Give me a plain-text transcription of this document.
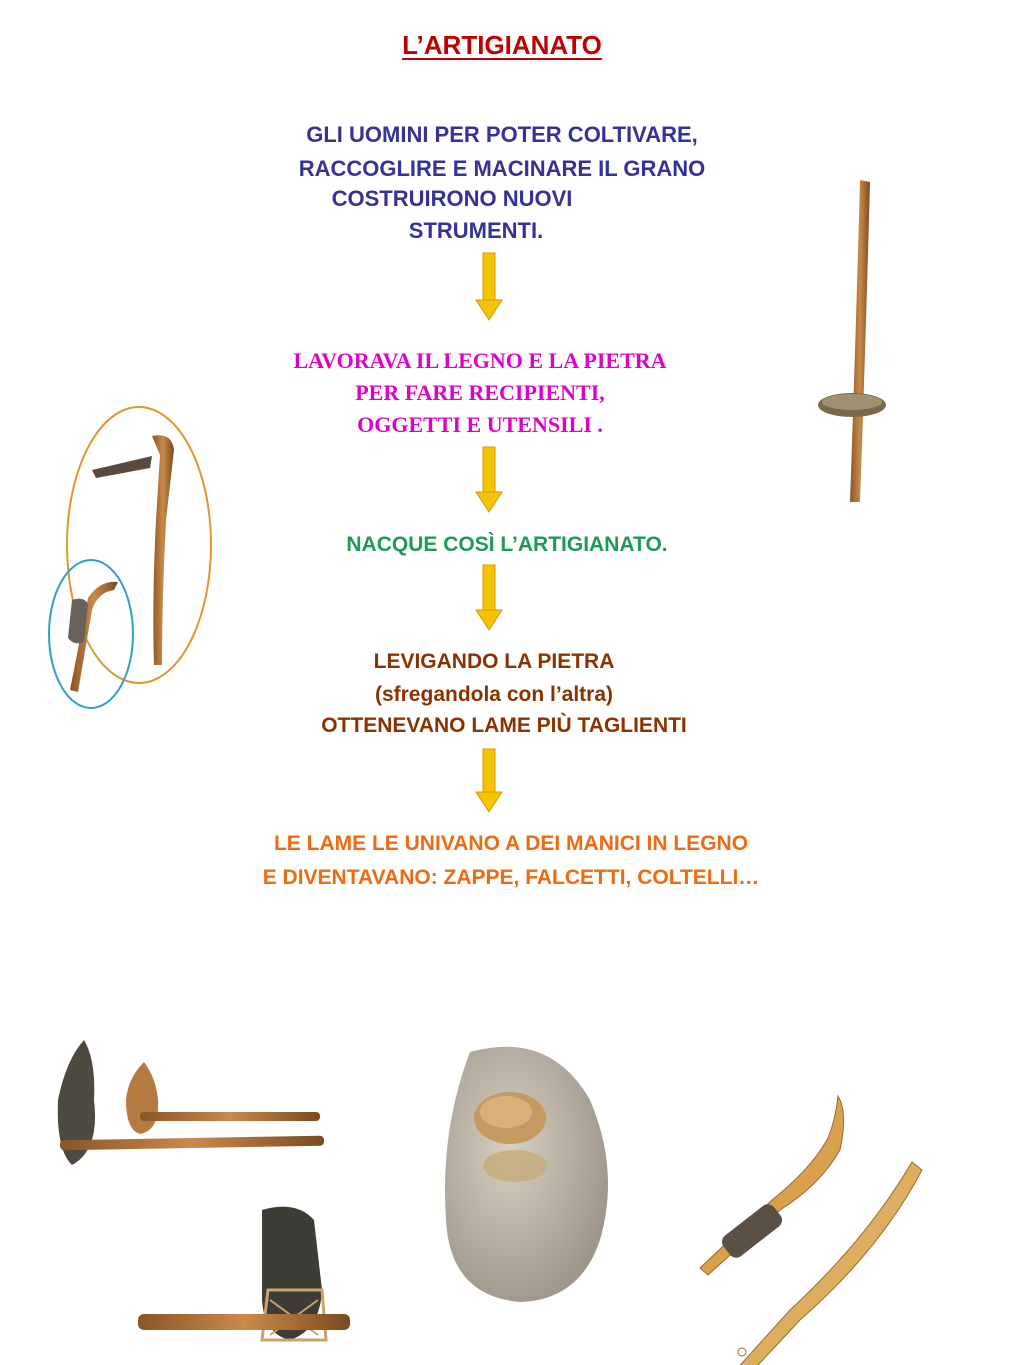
L’ARTIGIANATO
GLI UOMINI PER POTER COLTIVARE,
RACCOGLIRE E MACINARE IL GRANO
COSTRUIRONO NUOVI
STRUMENTI.
LAVORAVA IL LEGNO E LA PIETRA
PER FARE RECIPIENTI,
OGGETTI E UTENSILI .
NACQUE COSÌ L’ARTIGIANATO.
LEVIGANDO LA PIETRA
(sfregandola con l’altra)
OTTENEVANO LAME PIÙ TAGLIENTI
LE LAME LE UNIVANO A DEI MANICI IN LEGNO
E DIVENTAVANO: ZAPPE, FALCETTI, COLTELLI…
